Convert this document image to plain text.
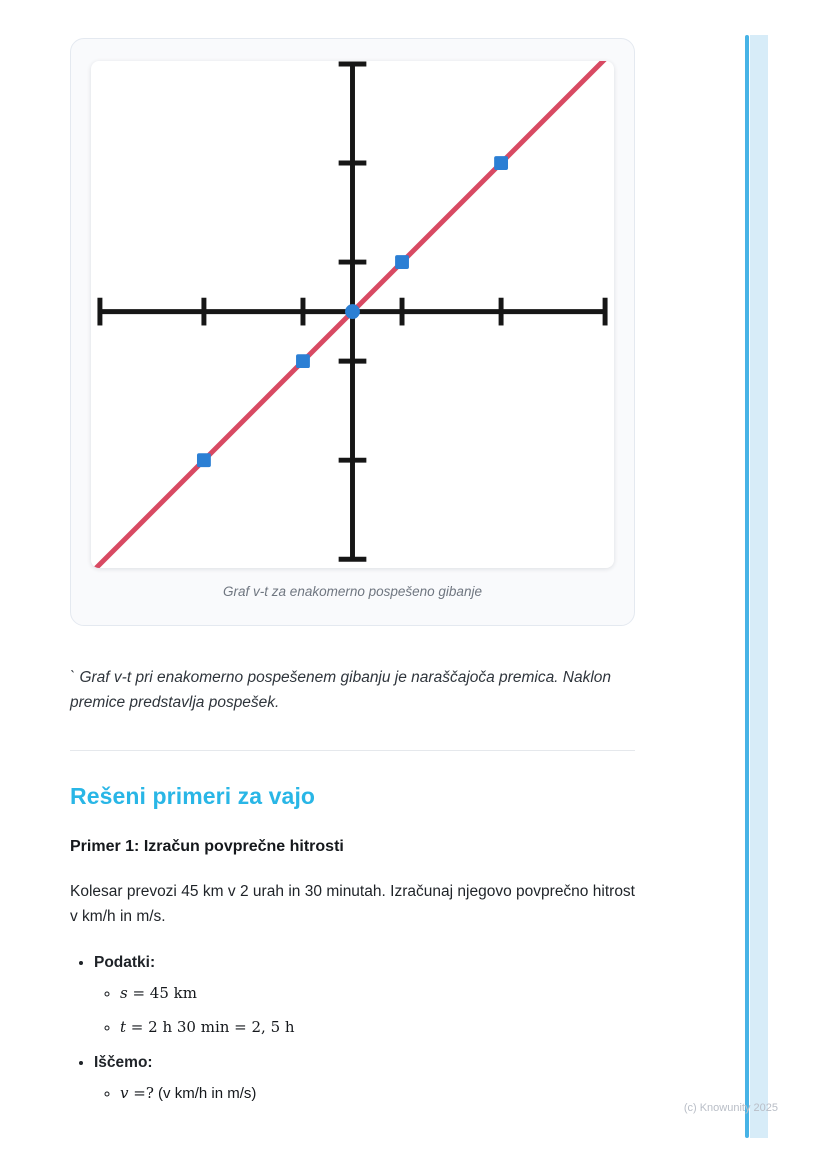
Graf v-t za enakomerno pospešeno gibanje

` Graf v-t pri enakomerno pospešenem gibanju je naraščajoča premica. Naklon premice predstavlja pospešek.

Rešeni primeri za vajo
Primer 1: Izračun povprečne hitrosti

Kolesar prevozi 45 km v 2 urah in 30 minutah. Izračunaj njegovo povprečno hitrost v km/h in m/s.

• Podatki:
◦ s = 45 km
◦ t = 2 h 30 min = 2, 5 h
• Iščemo:
◦ v =? (v km/h in m/s)
(c) Knowunity 2025
